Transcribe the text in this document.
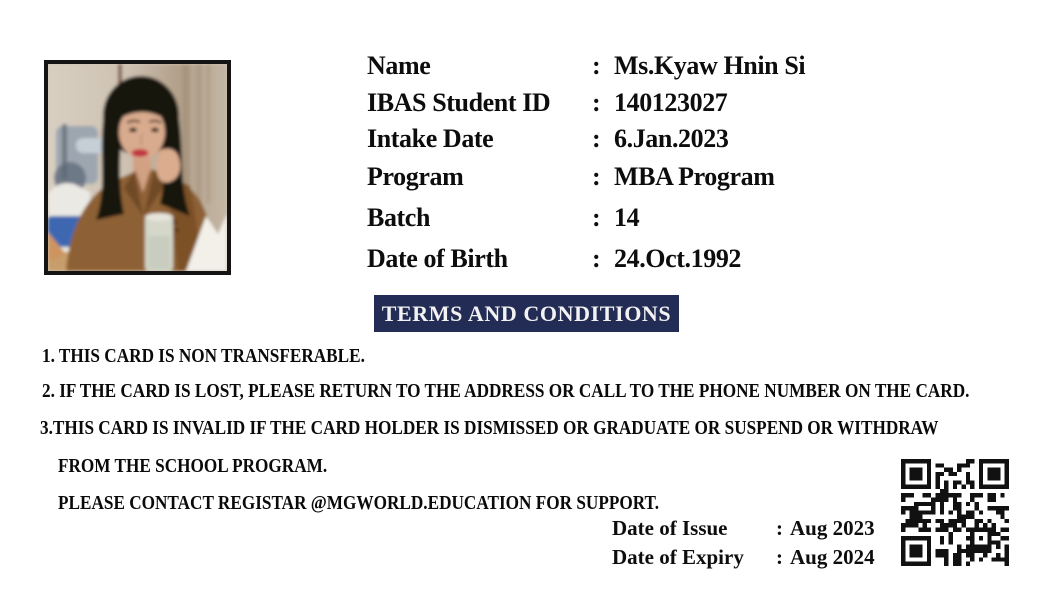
Name	: Ms.Kyaw Hnin Si
IBAS Student ID	: 140123027
Intake Date	: 6.Jan.2023
Program	: MBA Program
Batch	: 14
Date of Birth	: 24.Oct.1992
TERMS AND CONDITIONS
1. THIS CARD IS NON TRANSFERABLE.
2. IF THE CARD IS LOST, PLEASE RETURN TO THE ADDRESS OR CALL TO THE PHONE NUMBER ON THE CARD.
3.THIS CARD IS INVALID IF THE CARD HOLDER IS DISMISSED OR GRADUATE OR SUSPEND OR WITHDRAW
FROM THE SCHOOL PROGRAM.
PLEASE CONTACT REGISTAR @MGWORLD.EDUCATION FOR SUPPORT.
Date of Issue	: Aug 2023
Date of Expiry	: Aug 2024
